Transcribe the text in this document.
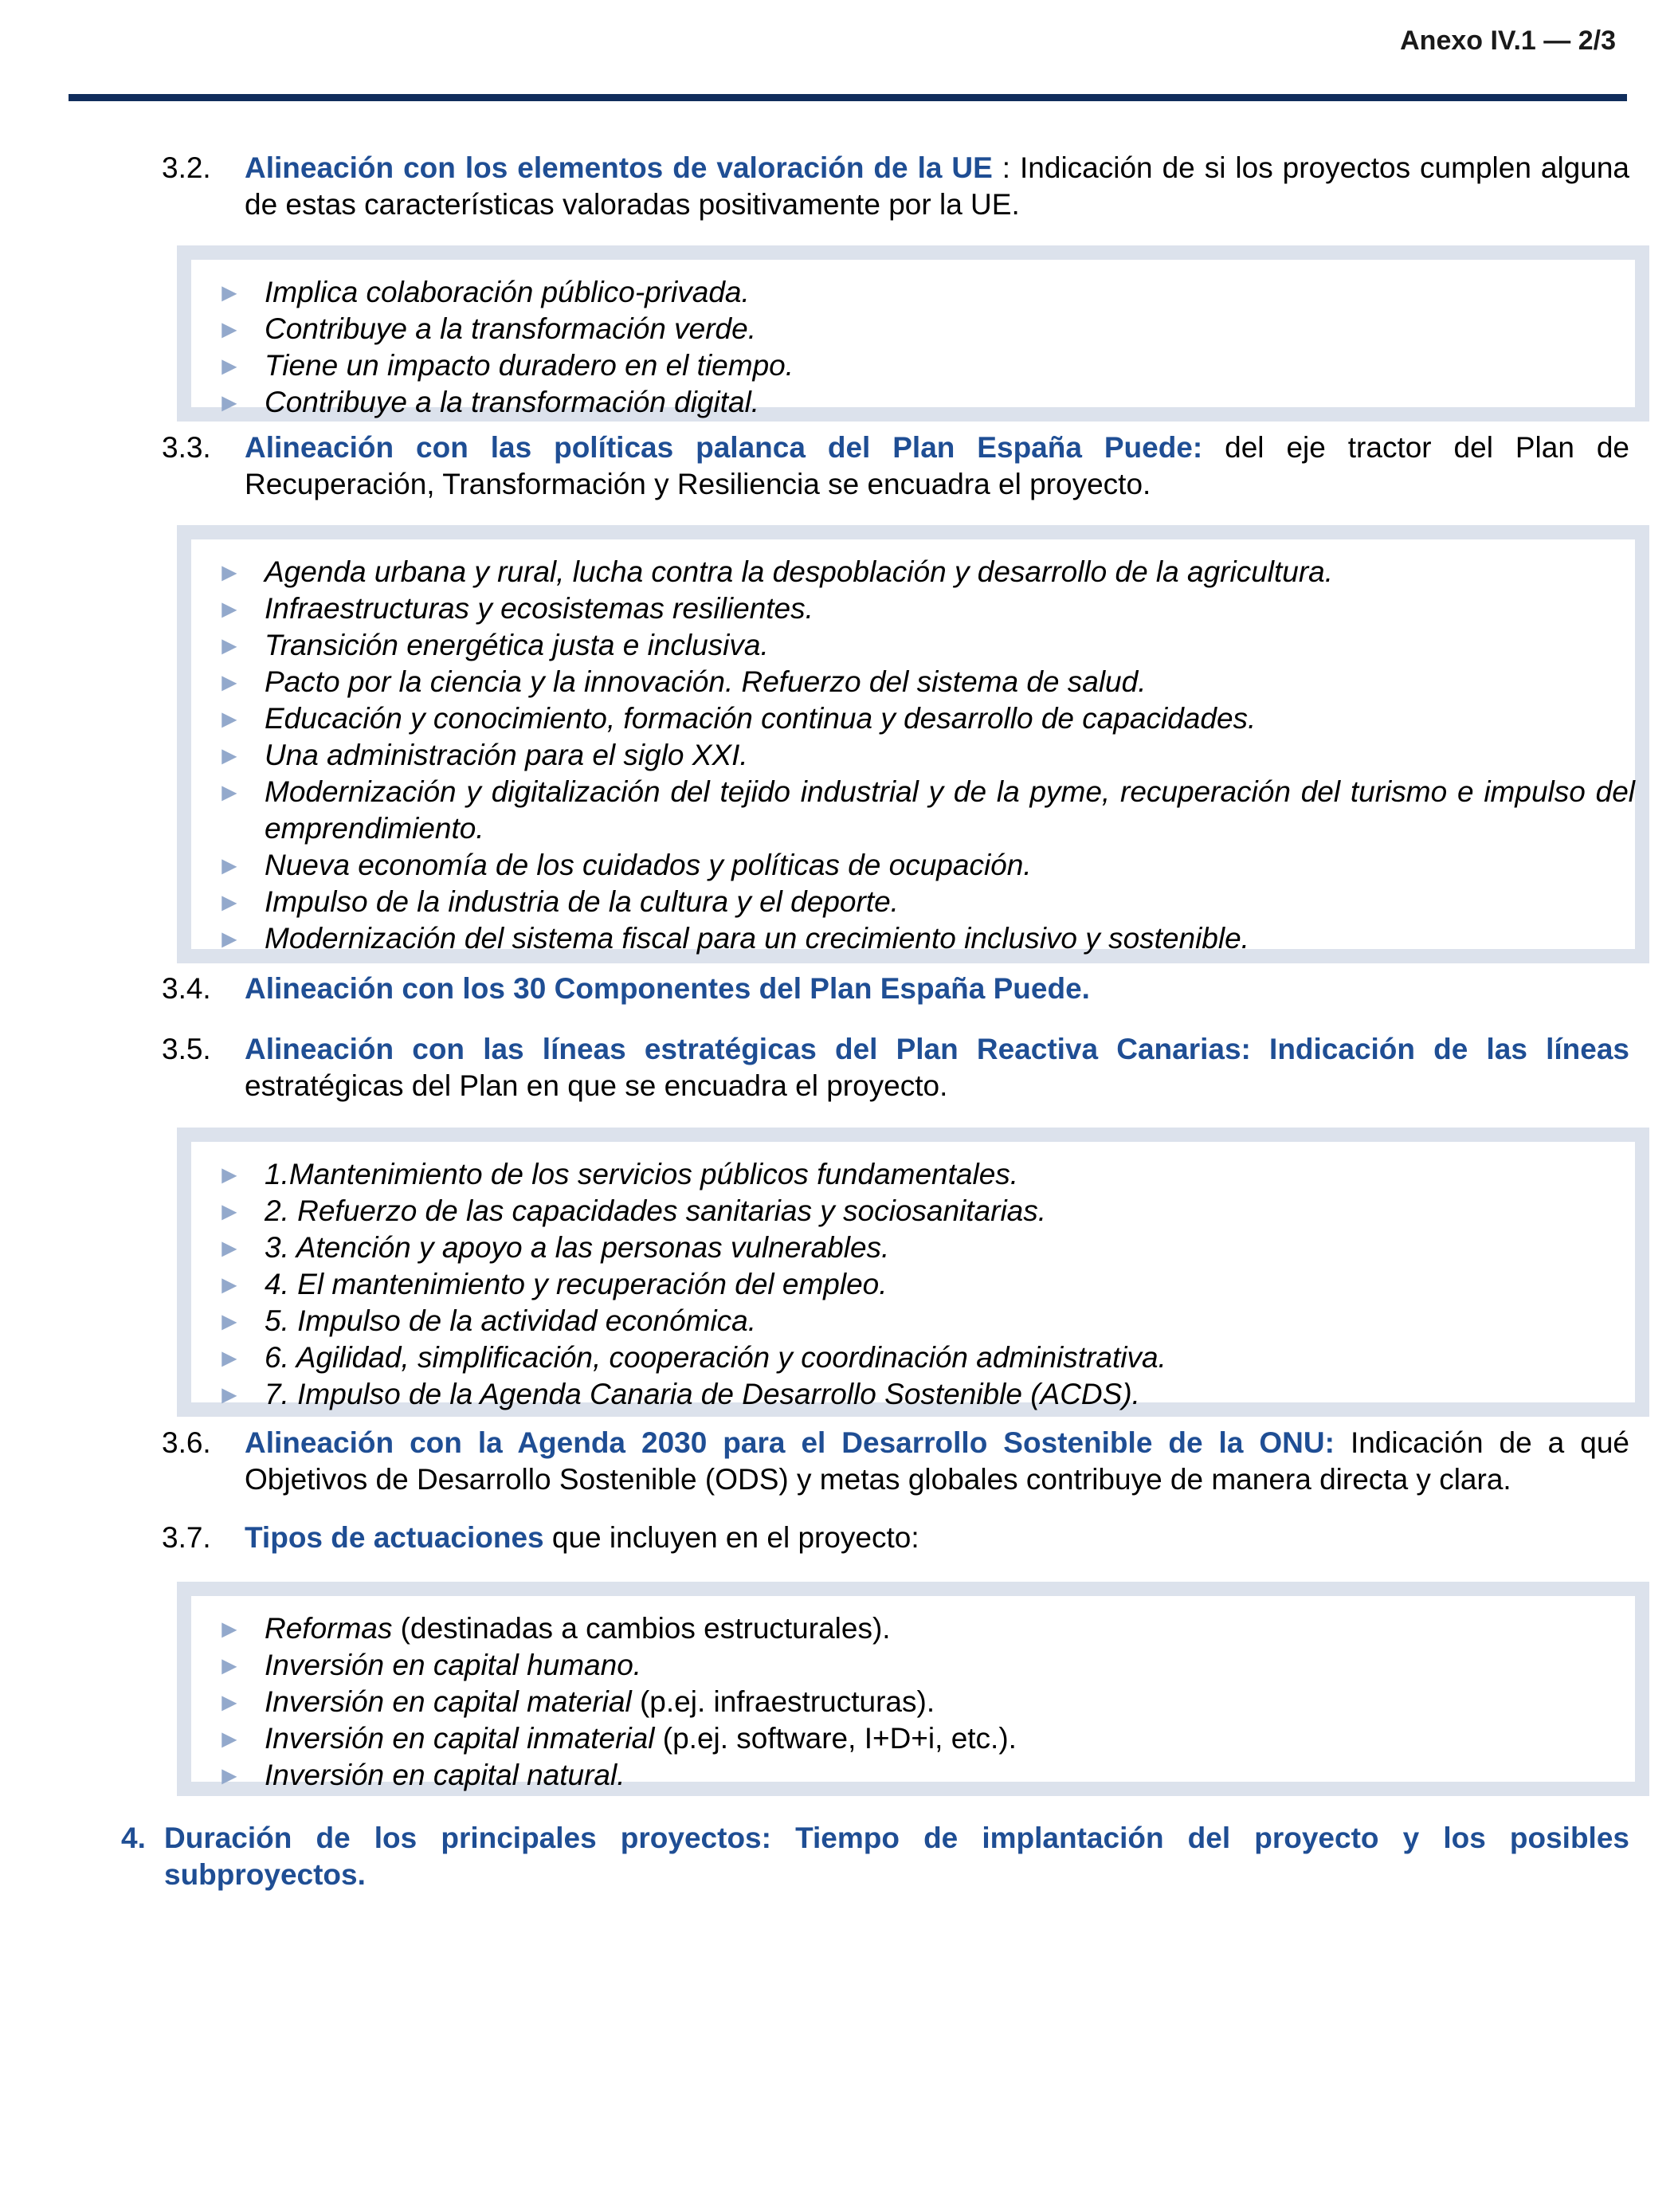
Anexo IV.1 — 2/3
3.2. Alineación con los elementos de valoración de la UE : Indicación de si los proyectos cumplen alguna de estas características valoradas positivamente por la UE.
► Implica colaboración público-privada.
► Contribuye a la transformación verde.
► Tiene un impacto duradero en el tiempo.
► Contribuye a la transformación digital.
3.3. Alineación con las políticas palanca del Plan España Puede: del eje tractor del Plan de Recuperación, Transformación y Resiliencia se encuadra el proyecto.
► Agenda urbana y rural, lucha contra la despoblación y desarrollo de la agricultura.
► Infraestructuras y ecosistemas resilientes.
► Transición energética justa e inclusiva.
► Pacto por la ciencia y la innovación. Refuerzo del sistema de salud.
► Educación y conocimiento, formación continua y desarrollo de capacidades.
► Una administración para el siglo XXI.
► Modernización y digitalización del tejido industrial y de la pyme, recuperación del turismo e impulso del emprendimiento.
► Nueva economía de los cuidados y políticas de ocupación.
► Impulso de la industria de la cultura y el deporte.
► Modernización del sistema fiscal para un crecimiento inclusivo y sostenible.
3.4. Alineación con los 30 Componentes del Plan España Puede.
3.5. Alineación con las líneas estratégicas del Plan Reactiva Canarias: Indicación de las líneas estratégicas del Plan en que se encuadra el proyecto.
► 1.Mantenimiento de los servicios públicos fundamentales.
► 2. Refuerzo de las capacidades sanitarias y sociosanitarias.
► 3. Atención y apoyo a las personas vulnerables.
► 4. El mantenimiento y recuperación del empleo.
► 5. Impulso de la actividad económica.
► 6. Agilidad, simplificación, cooperación y coordinación administrativa.
► 7. Impulso de la Agenda Canaria de Desarrollo Sostenible (ACDS).
3.6. Alineación con la Agenda 2030 para el Desarrollo Sostenible de la ONU: Indicación de a qué Objetivos de Desarrollo Sostenible (ODS) y metas globales contribuye de manera directa y clara.
3.7. Tipos de actuaciones que incluyen en el proyecto:
► Reformas (destinadas a cambios estructurales).
► Inversión en capital humano.
► Inversión en capital material (p.ej. infraestructuras).
► Inversión en capital inmaterial (p.ej. software, I+D+i, etc.).
► Inversión en capital natural.
4. Duración de los principales proyectos: Tiempo de implantación del proyecto y los posibles subproyectos.
